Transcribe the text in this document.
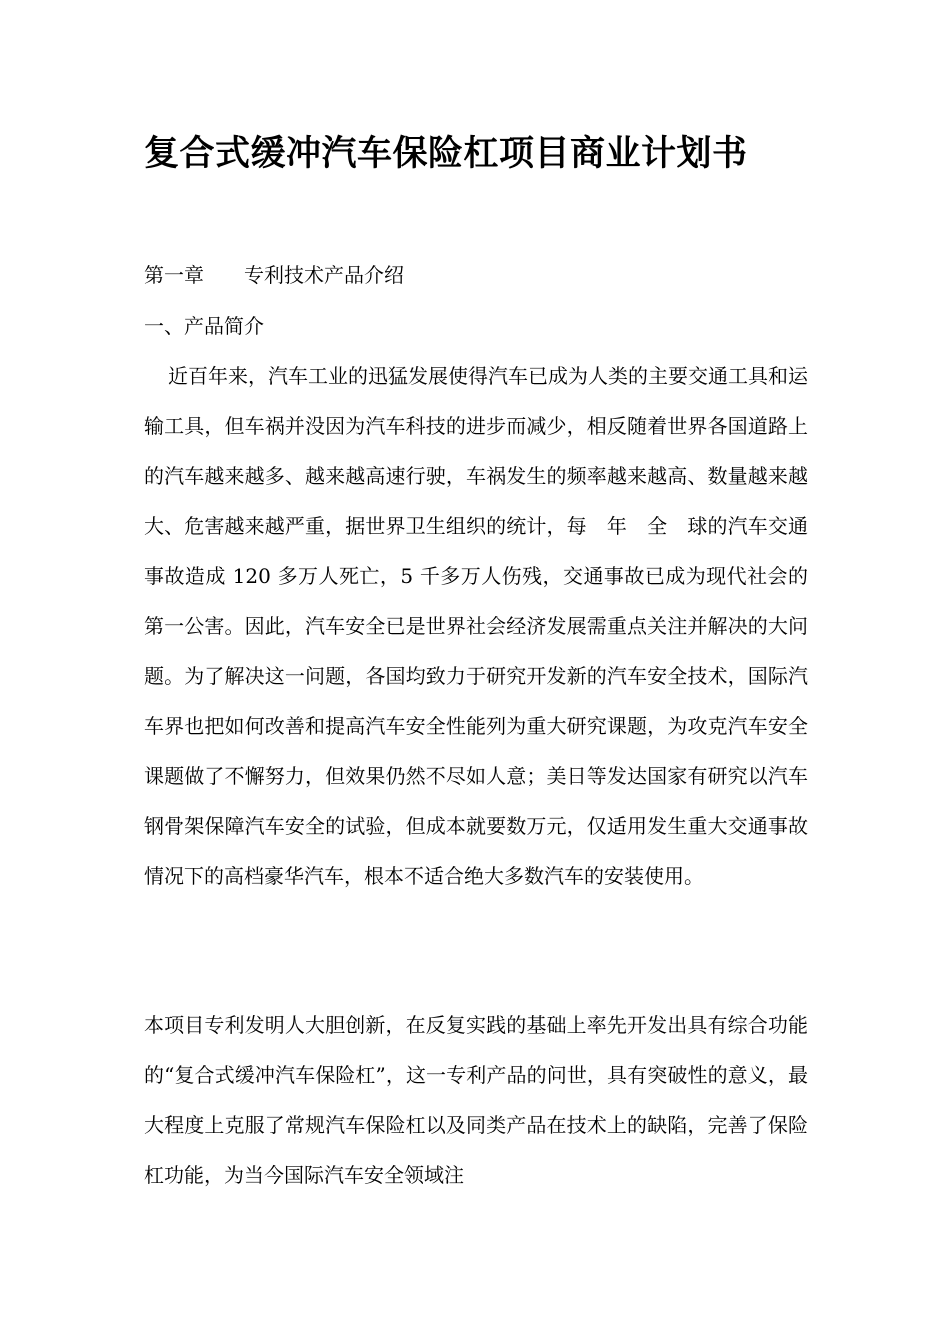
复合式缓冲汽车保险杠项目商业计划书

第一章　　专利技术产品介绍

一、产品简介

近百年来，汽车工业的迅猛发展使得汽车已成为人类的主要交通工具和运输工具，但车祸并没因为汽车科技的进步而减少，相反随着世界各国道路上的汽车越来越多、越来越高速行驶，车祸发生的频率越来越高、数量越来越大、危害越来越严重，据世界卫生组织的统计，每　年　全　球的汽车交通事故造成 120 多万人死亡，5 千多万人伤残，交通事故已成为现代社会的第一公害。因此，汽车安全已是世界社会经济发展需重点关注并解决的大问题。为了解决这一问题，各国均致力于研究开发新的汽车安全技术，国际汽车界也把如何改善和提高汽车安全性能列为重大研究课题，为攻克汽车安全课题做了不懈努力，但效果仍然不尽如人意；美日等发达国家有研究以汽车钢骨架保障汽车安全的试验，但成本就要数万元，仅适用发生重大交通事故情况下的高档豪华汽车，根本不适合绝大多数汽车的安装使用。

本项目专利发明人大胆创新，在反复实践的基础上率先开发出具有综合功能的“复合式缓冲汽车保险杠”，这一专利产品的问世，具有突破性的意义，最大程度上克服了常规汽车保险杠以及同类产品在技术上的缺陷，完善了保险杠功能，为当今国际汽车安全领域注
